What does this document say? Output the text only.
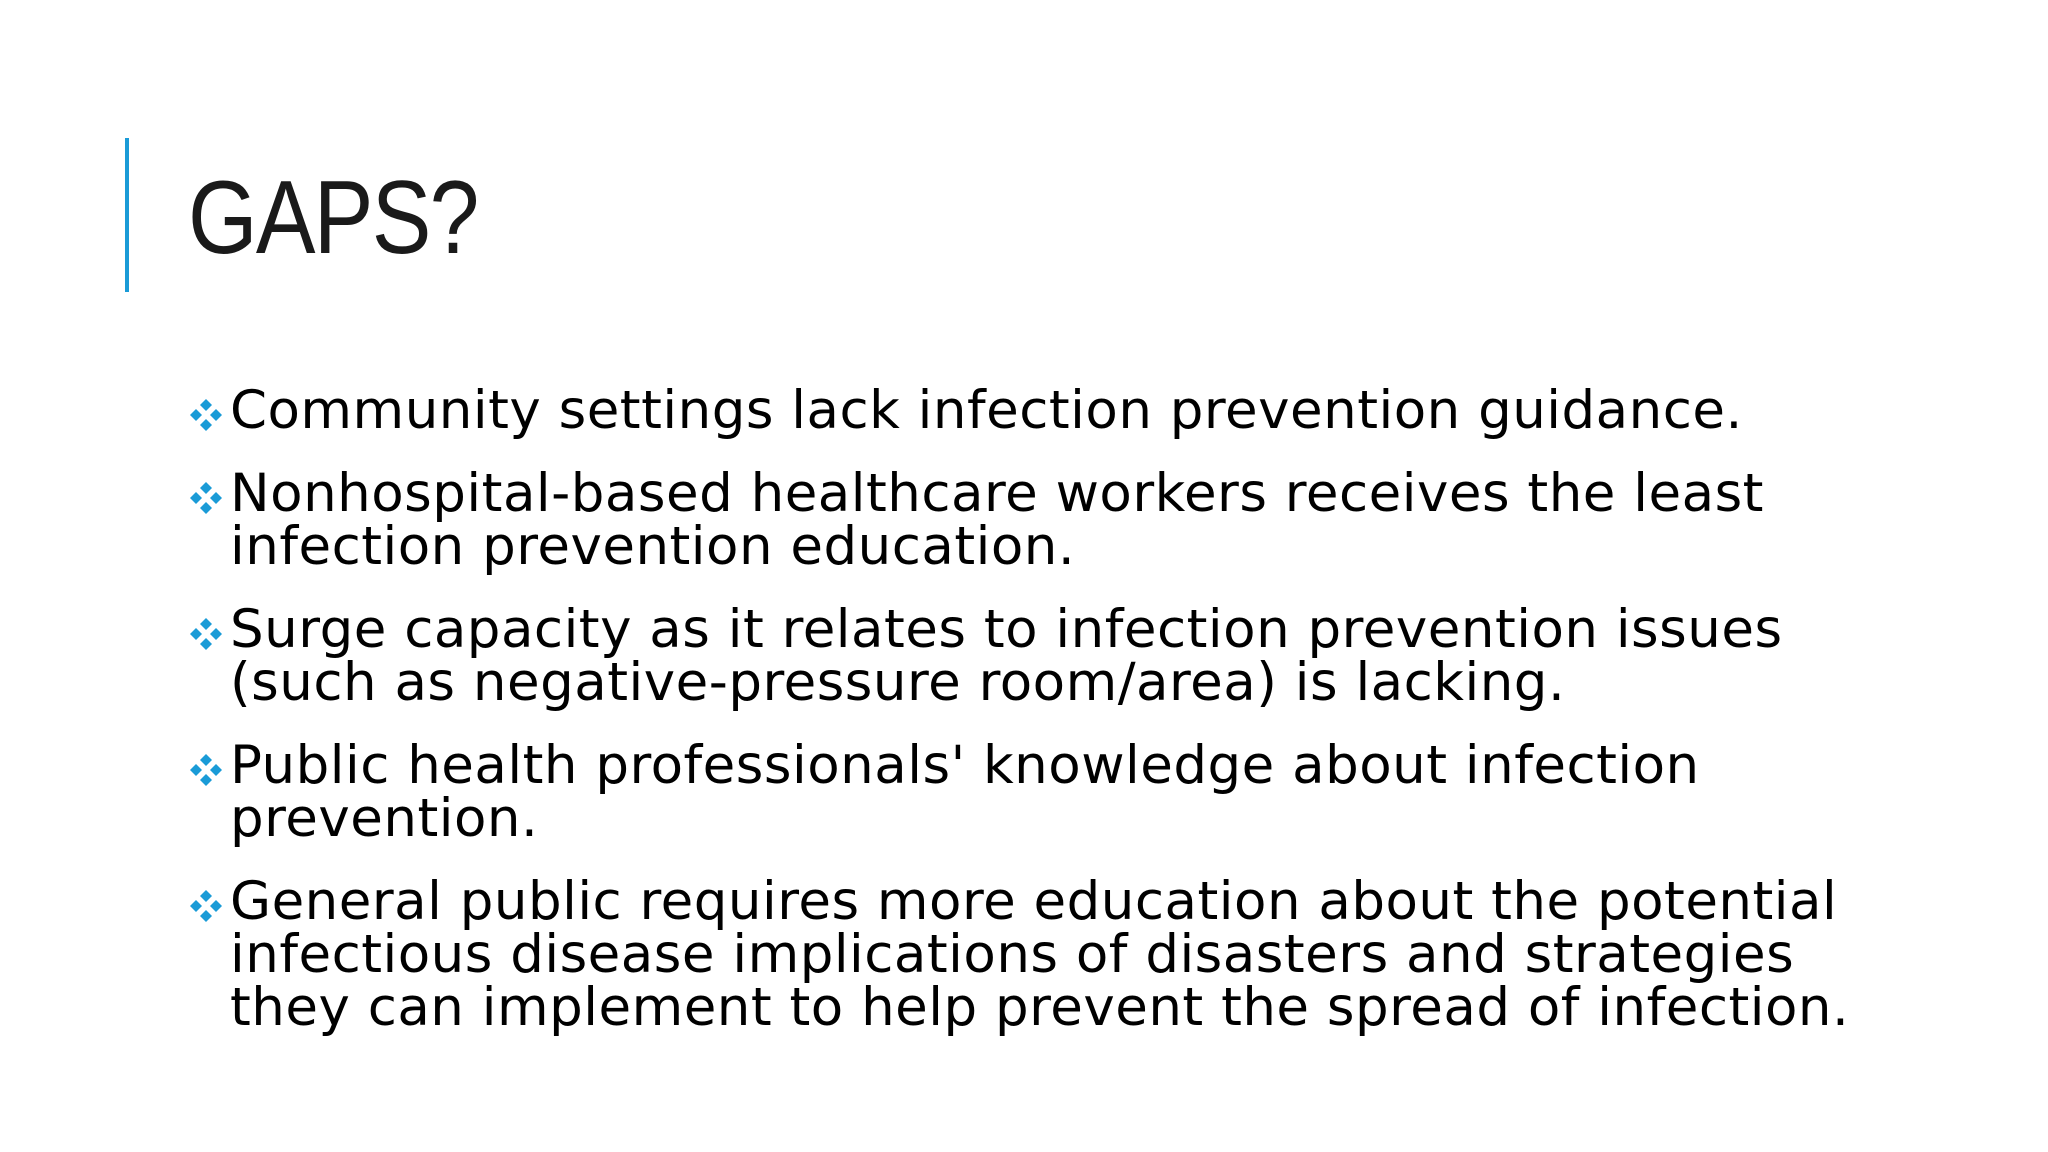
GAPS?
Community settings lack infection prevention guidance.
Nonhospital-based healthcare workers receives the least infection prevention education.
Surge capacity as it relates to infection prevention issues (such as negative-pressure room/area) is lacking.
Public health professionals' knowledge about infection prevention.
General public requires more education about the potential infectious disease implications of disasters and strategies they can implement to help prevent the spread of infection.
